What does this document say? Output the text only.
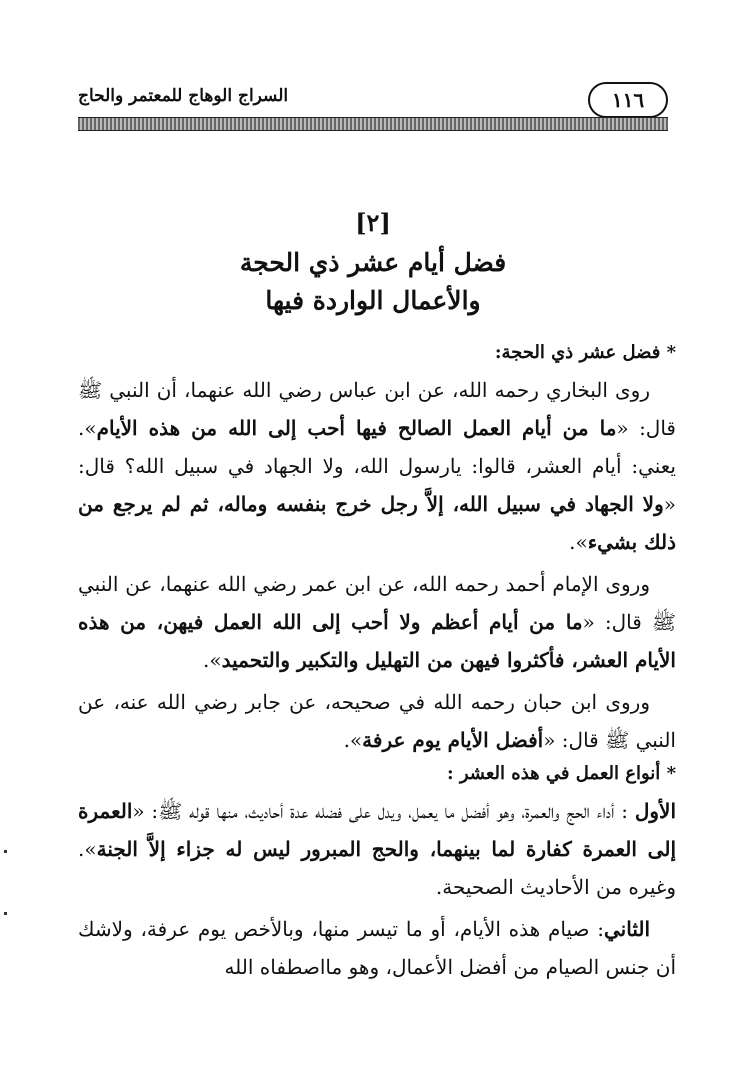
١١٦
السراج الوهاج للمعتمر والحاج
[٢]
فضل أيام عشر ذي الحجة
والأعمال الواردة فيها
* فضل عشر ذي الحجة:

روى البخاري رحمه الله، عن ابن عباس رضي الله عنهما، أن النبي ﷺ قال: «ما من أيام العمل الصالح فيها أحب إلى الله من هذه الأيام». يعني: أيام العشر، قالوا: يارسول الله، ولا الجهاد في سبيل الله؟ قال: «ولا الجهاد في سبيل الله، إلاَّ رجل خرج بنفسه وماله، ثم لم يرجع من ذلك بشيء».

وروى الإمام أحمد رحمه الله، عن ابن عمر رضي الله عنهما، عن النبي ﷺ قال: «ما من أيام أعظم ولا أحب إلى الله العمل فيهن، من هذه الأيام العشر، فأكثروا فيهن من التهليل والتكبير والتحميد».

وروى ابن حبان رحمه الله في صحيحه، عن جابر رضي الله عنه، عن النبي ﷺ قال: «أفضل الأيام يوم عرفة».

* أنواع العمل في هذه العشر :

الأول : أداء الحج والعمرة، وهو أفضل ما يعمل، ويدل على فضله عدة أحاديث، منها قوله ﷺ: «العمرة إلى العمرة كفارة لما بينهما، والحج المبرور ليس له جزاء إلاَّ الجنة». وغيره من الأحاديث الصحيحة.

الثاني: صيام هذه الأيام، أو ما تيسر منها، وبالأخص يوم عرفة، ولاشك أن جنس الصيام من أفضل الأعمال، وهو مااصطفاه الله
